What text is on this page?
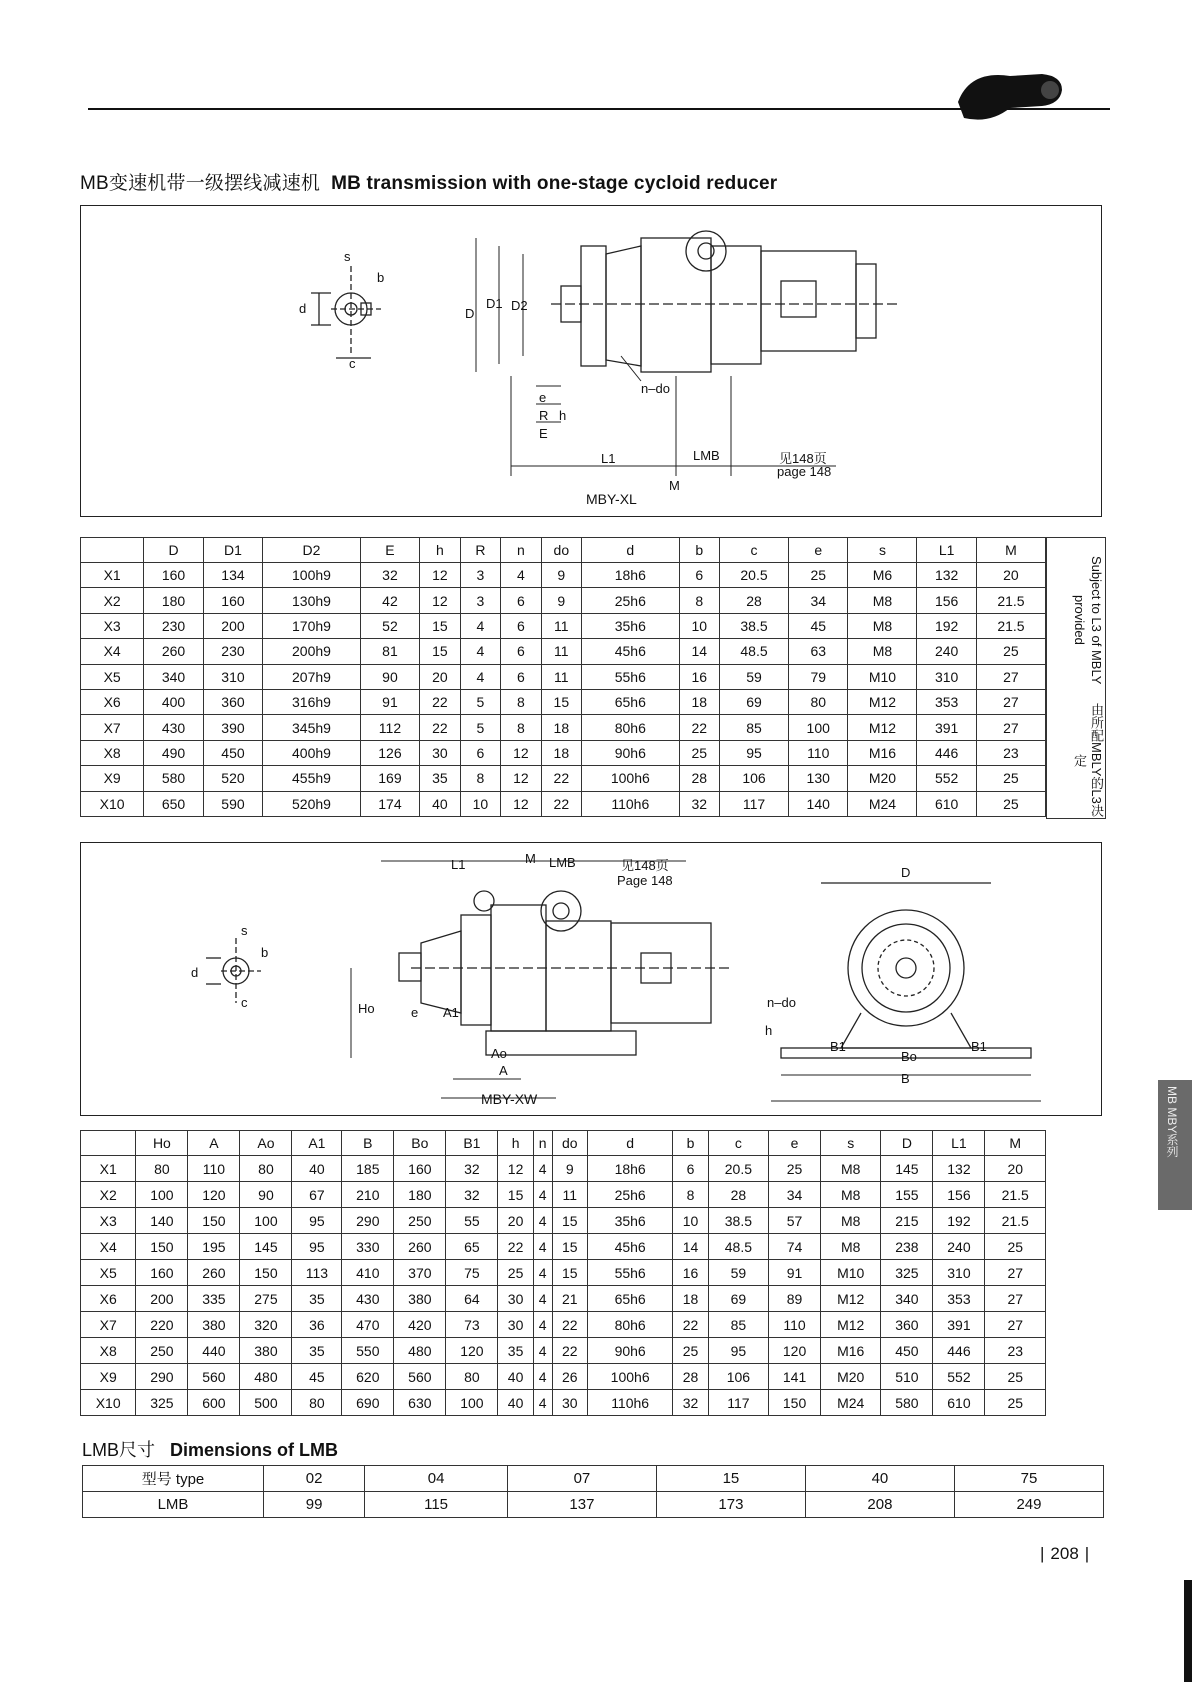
MB变速机带一级摆线减速机 MB transmission with one-stage cycloid reducer
s
b
d
c
D
D1 D2
n–do
e
R h
E
L1	LMB
M
见148页
page 148
MBY-XL
	D	D1	D2	E	h	R	n	do	d	b	c	e	s	L1	M
X1	160	134	100h9	32	12	3	4	9	18h6	6	20.5	25	M6	132	20
X2	180	160	130h9	42	12	3	6	9	25h6	8	28	34	M8	156	21.5
X3	230	200	170h9	52	15	4	6	11	35h6	10	38.5	45	M8	192	21.5
X4	260	230	200h9	81	15	4	6	11	45h6	14	48.5	63	M8	240	25
X5	340	310	207h9	90	20	4	6	11	55h6	16	59	79	M10	310	27
X6	400	360	316h9	91	22	5	8	15	65h6	18	69	80	M12	353	27
X7	430	390	345h9	112	22	5	8	18	80h6	22	85	100	M12	391	27
X8	490	450	400h9	126	30	6	12	18	90h6	25	95	110	M16	446	23
X9	580	520	455h9	169	35	8	12	22	100h6	28	106	130	M20	552	25
X10	650	590	520h9	174	40	10	12	22	110h6	32	117	140	M24	610	25
Subject to L3 of MBLY provided
由所配MBLY的L3决定
L1	M LMB	见148页
Page 148
s
b
d
c	Ho	e A1
Ao
A
D
n–do
h
B1
Bo
B1
B
MBY-XW
	Ho	A	Ao	A1	B	Bo	B1	h	n	do	d	b	c	e	s	D	L1	M
X1	80	110	80	40	185	160	32	12	4	9	18h6	6	20.5	25	M8	145	132	20
X2	100	120	90	67	210	180	32	15	4	11	25h6	8	28	34	M8	155	156	21.5
X3	140	150	100	95	290	250	55	20	4	15	35h6	10	38.5	57	M8	215	192	21.5
X4	150	195	145	95	330	260	65	22	4	15	45h6	14	48.5	74	M8	238	240	25
X5	160	260	150	113	410	370	75	25	4	15	55h6	16	59	91	M10	325	310	27
X6	200	335	275	35	430	380	64	30	4	21	65h6	18	69	89	M12	340	353	27
X7	220	380	320	36	470	420	73	30	4	22	80h6	22	85	110	M12	360	391	27
X8	250	440	380	35	550	480	120	35	4	22	90h6	25	95	120	M16	450	446	23
X9	290	560	480	45	620	560	80	40	4	26	100h6	28	106	141	M20	510	552	25
X10	325	600	500	80	690	630	100	40	4	30	110h6	32	117	150	M24	580	610	25
LMB尺寸 Dimensions of LMB
型号 type	02	04	07	15	40	75
LMB	99	115	137	173	208	249
MB MBY系列
| 208 |
